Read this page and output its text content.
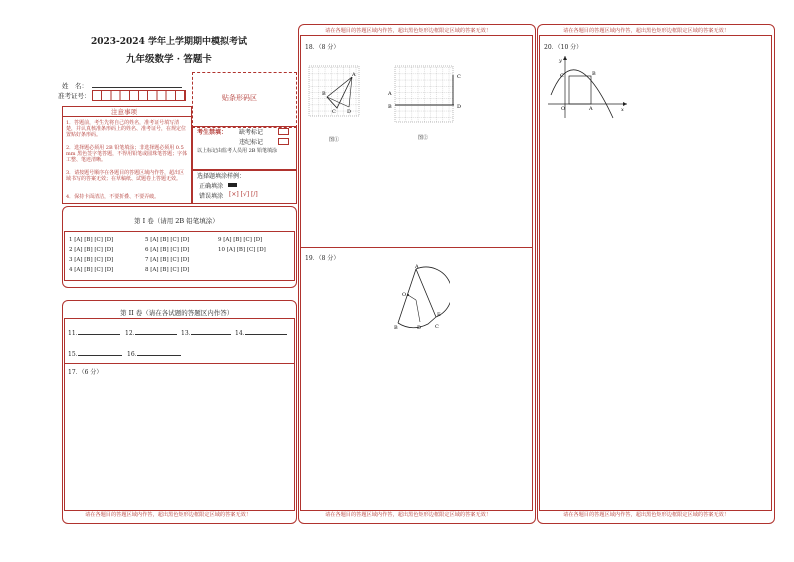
2023-2024 学年上学期期中模拟考试
九年级数学 · 答题卡
姓　名：
准考证号：	贴条形码区
注意事项
1．答题前，考生先将自己的姓名，准考证号填写清楚，并认真核准条形码上的姓名、准考证号，在规定位置贴好条形码。
2．选择题必须用 2B 铅笔填涂；非选择题必须用 0.5 mm 黑色签字笔答题，不得用铅笔或圆珠笔答题；字体工整、笔迹清晰。
3．请按题号顺序在各题目的答题区域内作答，超出区域书写的答案无效；在草稿纸、试题卷上答题无效。
4．保持卡面清洁，不要折叠、不要弄破。
考生禁填： 缺考标记
违纪标记
以上标记由监考人员用 2B 铅笔填涂
选择题填涂样例：
正确填涂
错误填涂 [×] [√] [/]
第 I 卷（请用 2B 铅笔填涂）
1 [A] [B] [C] [D]
2 [A] [B] [C] [D]
3 [A] [B] [C] [D]
4 [A] [B] [C] [D]
5 [A] [B] [C] [D]
6 [A] [B] [C] [D]
7 [A] [B] [C] [D]
8 [A] [B] [C] [D]
9 [A] [B] [C] [D]
10 [A] [B] [C] [D]
第 II 卷（请在各试题的答题区内作答）
11．	12．	13．	14．
15．	16．
17．（6 分）
请在各题目的答题区域内作答，超出黑色矩形边框限定区域的答案无效！
请在各题目的答题区域内作答，超出黑色矩形边框限定区域的答案无效！
请在各题目的答题区域内作答，超出黑色矩形边框限定区域的答案无效！
18．（8 分）
B
A
C D
A
B
C
D
图①	图②
19．（8 分）
A
O
B	D	C
E
请在各题目的答题区域内作答，超出黑色矩形边框限定区域的答案无效！
请在各题目的答题区域内作答，超出黑色矩形边框限定区域的答案无效！
20．（10 分）
y
C	B
O	A	x
